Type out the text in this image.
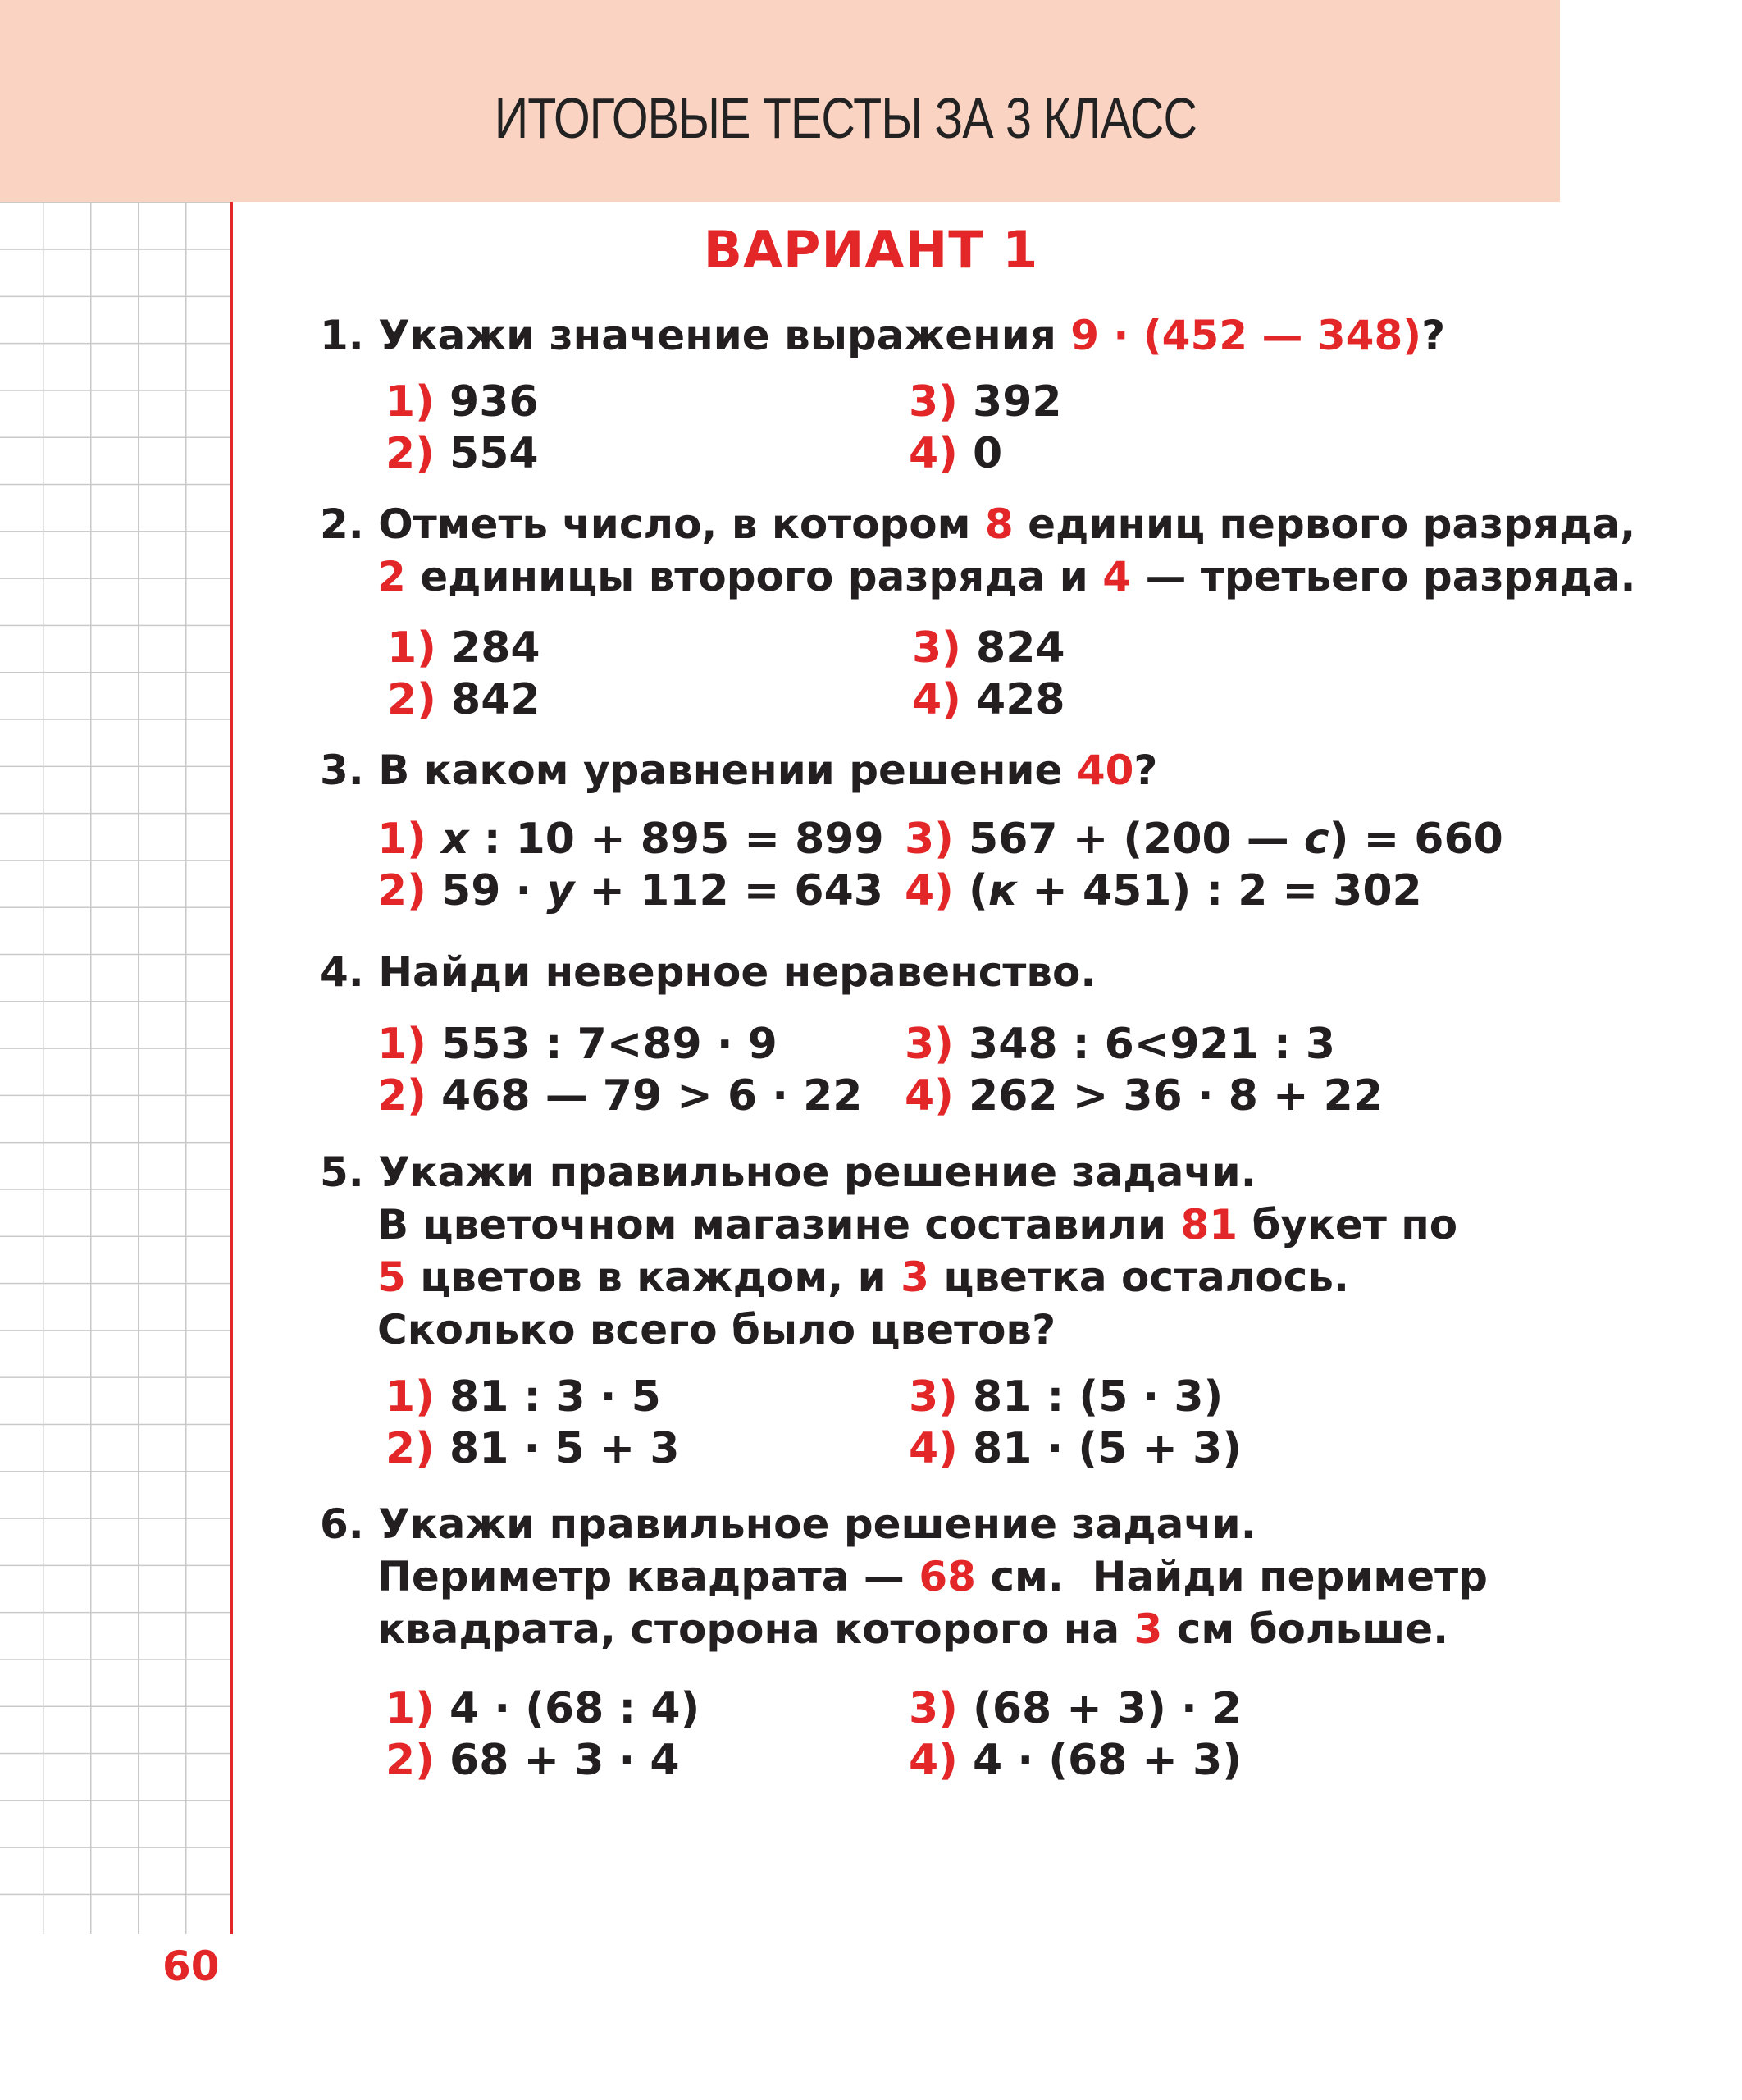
ИТОГОВЫЕ ТЕСТЫ ЗА 3 КЛАСС
60
ВАРИАНТ 1
1. Укажи значение выражения 9 · (452 — 348)?
1) 936
2) 554
3) 392
4) 0
2. Отметь число, в котором 8 единиц первого разряда,
2 единицы второго разряда и 4 — третьего разряда.
1) 284
2) 842
3) 824
4) 428
3. В каком уравнении решение 40?
1) x : 10 + 895 = 899
2) 59 · y + 112 = 643
3) 567 + (200 — с) = 660
4) (к + 451) : 2 = 302
4. Найди неверное неравенство.
1) 553 : 7<89 · 9
2) 468 — 79 > 6 · 22
3) 348 : 6<921 : 3
4) 262 > 36 · 8 + 22
5. Укажи правильное решение задачи.
В цветочном магазине составили 81 букет по
5 цветов в каждом, и 3 цветка осталось.
Сколько всего было цветов?
1) 81 : 3 · 5
2) 81 · 5 + 3
3) 81 : (5 · 3)
4) 81 · (5 + 3)
6. Укажи правильное решение задачи.
Периметр квадрата — 68 см.  Найди периметр
квадрата, сторона которого на 3 см больше.
1) 4 · (68 : 4)
2) 68 + 3 · 4
3) (68 + 3) · 2
4) 4 · (68 + 3)
